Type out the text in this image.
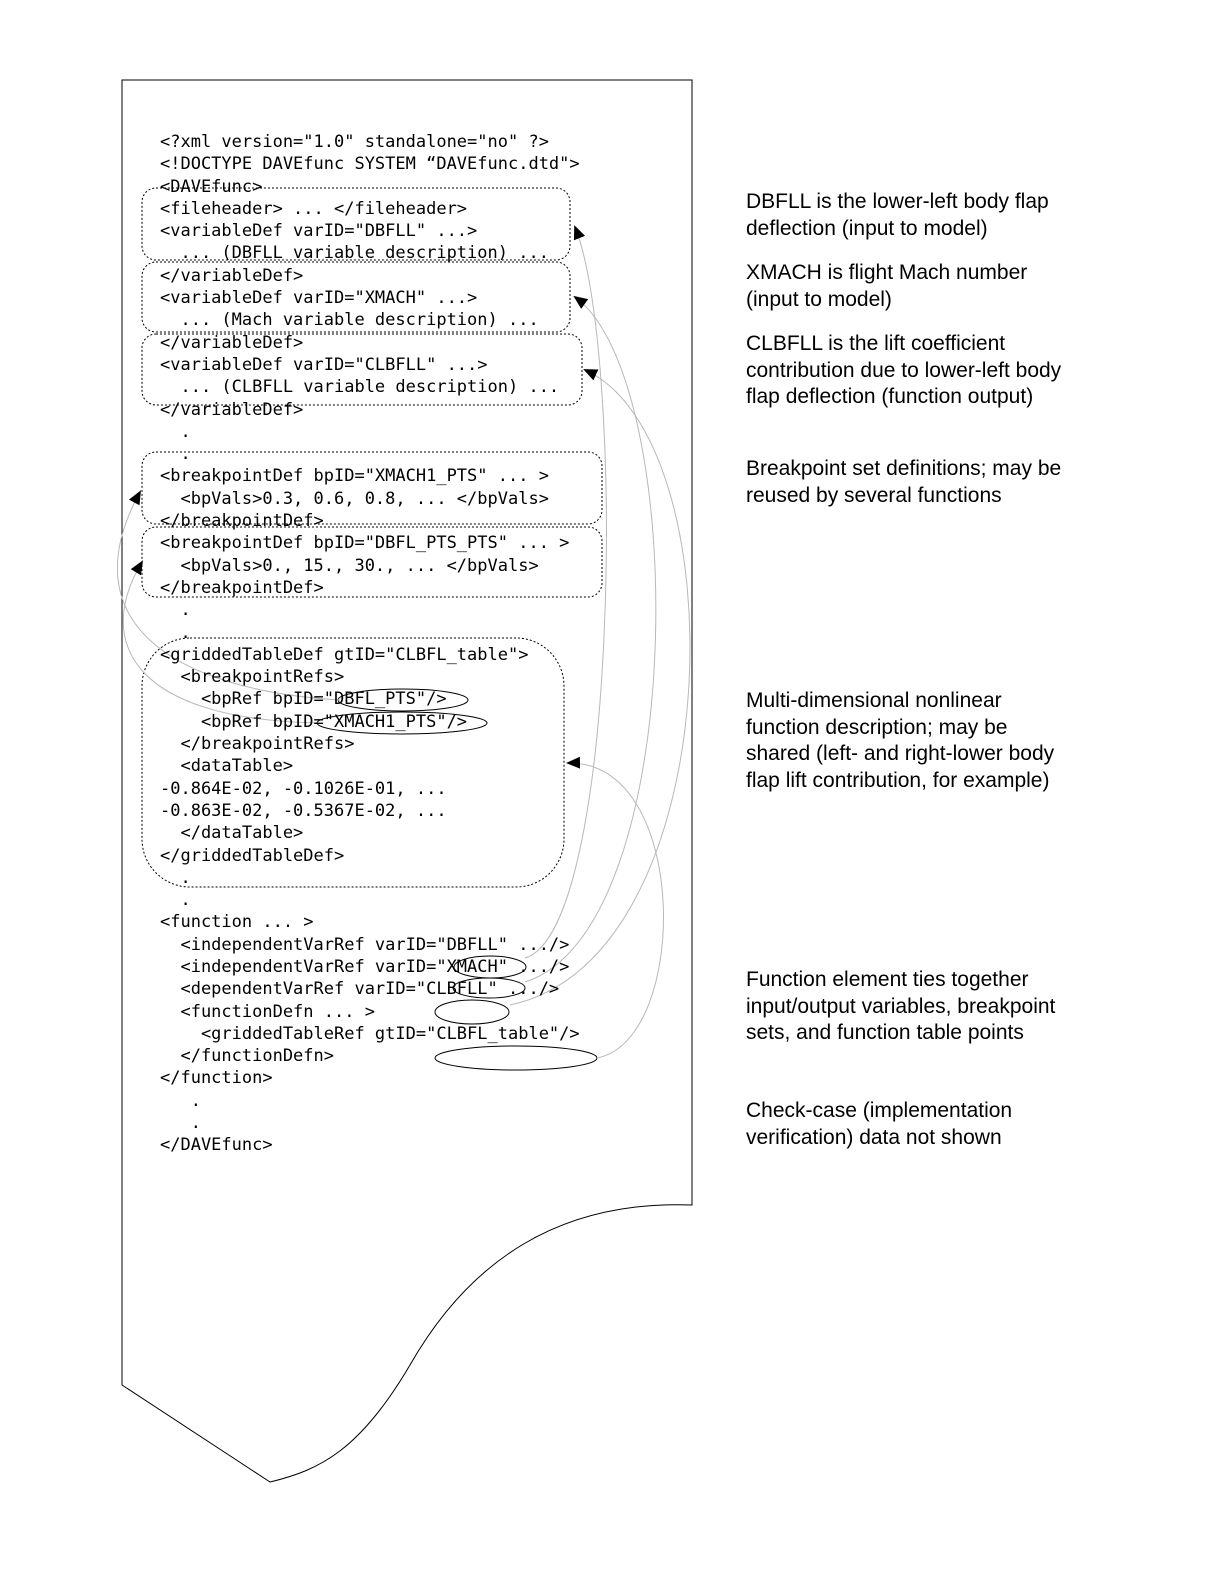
<?xml version="1.0" standalone="no" ?>
<!DOCTYPE DAVEfunc SYSTEM “DAVEfunc.dtd">
<DAVEfunc>
<fileheader> ... </fileheader>
<variableDef varID="DBFLL" ...>
... (DBFLL variable description) ...
</variableDef>
<variableDef varID="XMACH" ...>
... (Mach variable description) ...
</variableDef>
<variableDef varID="CLBFLL" ...>
... (CLBFLL variable description) ...
</variableDef>
.
.
<breakpointDef bpID="XMACH1_PTS" ... >
<bpVals>0.3, 0.6, 0.8, ... </bpVals>
</breakpointDef>
<breakpointDef bpID="DBFL_PTS_PTS" ... >
<bpVals>0., 15., 30., ... </bpVals>
</breakpointDef>
.
.
<griddedTableDef gtID="CLBFL_table">
<breakpointRefs>
<bpRef bpID="DBFL_PTS"/>
<bpRef bpID="XMACH1_PTS"/>
</breakpointRefs>
<dataTable>
-0.864E-02, -0.1026E-01, ...
-0.863E-02, -0.5367E-02, ...
</dataTable>
</griddedTableDef>
.
.
<function ... >
<independentVarRef varID="DBFLL" .../>
<independentVarRef varID="XMACH" .../>
<dependentVarRef varID="CLBFLL" .../>
<functionDefn ... >
<griddedTableRef gtID="CLBFL_table"/>
</functionDefn>
</function>
.
.
</DAVEfunc>
DBFLL is the lower-left body flap
deflection (input to model)
XMACH is flight Mach number
(input to model)
CLBFLL is the lift coefficient
contribution due to lower-left body
flap deflection (function output)
Breakpoint set definitions; may be
reused by several functions
Multi-dimensional nonlinear
function description; may be
shared (left- and right-lower body
flap lift contribution, for example)
Function element ties together
input/output variables, breakpoint
sets, and function table points
Check-case (implementation
verification) data not shown
